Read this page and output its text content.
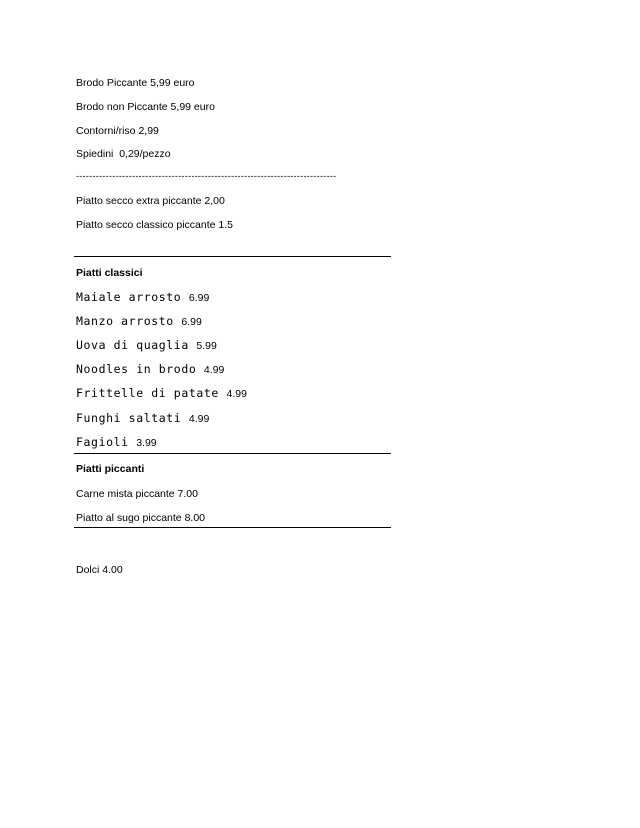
Brodo Piccante 5,99 euro
Brodo non Piccante 5,99 euro
Contorni/riso 2,99
Spiedini  0,29/pezzo
-------------------------------------------------------------------------------
Piatto secco extra piccante 2,00
Piatto secco classico piccante 1.5
Piatti classici
Maiale arrosto 6.99
Manzo arrosto 6.99
Uova di quaglia 5.99
Noodles in brodo 4.99
Frittelle di patate 4.99
Funghi saltati 4.99
Fagioli 3.99
Piatti piccanti
Carne mista piccante 7.00
Piatto al sugo piccante 8.00
Dolci 4.00
